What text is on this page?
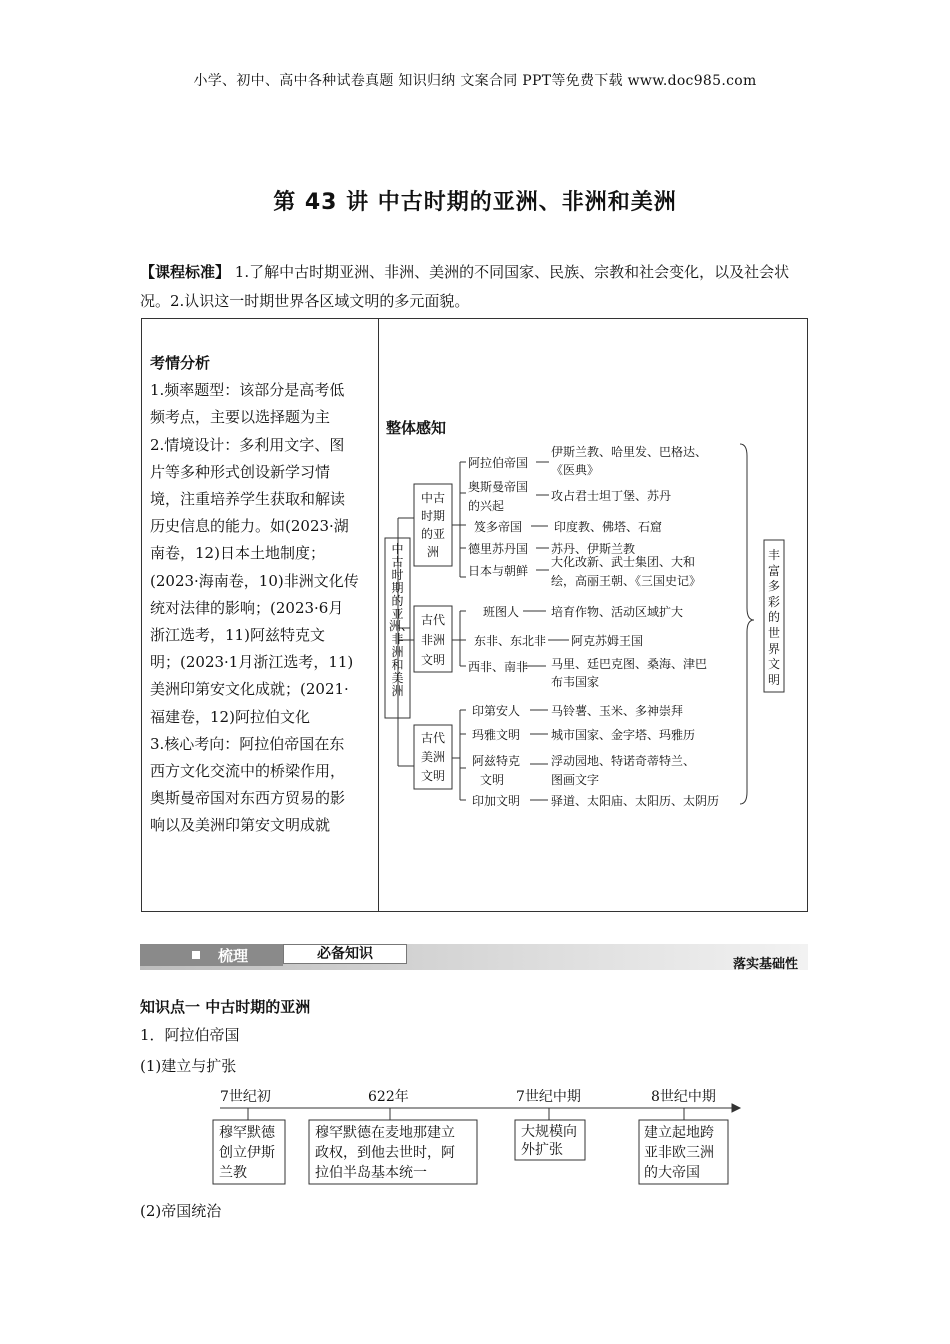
小学、初中、高中各种试卷真题 知识归纳 文案合同 PPT等免费下载 www.doc985.com
第 43 讲 中古时期的亚洲、非洲和美洲
【课程标准】 1.了解中古时期亚洲、非洲、美洲的不同国家、民族、宗教和社会变化，以及社会状况。2.认识这一时期世界各区域文明的多元面貌。

考情分析

1.频率题型：该部分是高考低

频考点，主要以选择题为主

2.情境设计：多利用文字、图

片等多种形式创设新学习情

境，注重培养学生获取和解读

历史信息的能力。如(2023·湖

南卷，12)日本土地制度；

(2023·海南卷，10)非洲文化传

统对法律的影响；(2023·6月

浙江选考，11)阿兹特克文

明；(2023·1月浙江选考，11)

美洲印第安文化成就；(2021·

福建卷，12)阿拉伯文化

3.核心考向：阿拉伯帝国在东

西方文化交流中的桥梁作用，

奥斯曼帝国对东西方贸易的影

响以及美洲印第安文明成就

整体感知
中古时期的亚洲、非洲和美洲
中古时期的亚洲
古代非洲文明
古代美洲文明
丰富多彩的世界文明
阿拉伯帝国
伊斯兰教、哈里发、巴格达、
《医典》
奥斯曼帝国
的兴起
攻占君士坦丁堡、苏丹
笈多帝国	印度教、佛塔、石窟
德里苏丹国 苏丹、伊斯兰教
日本与朝鲜
大化改新、武士集团、大和
绘，高丽王朝、《三国史记》
班图人	培育作物、活动区域扩大
东非、东北非 阿克苏姆王国
西非、南非 马里、廷巴克图、桑海、津巴
布韦国家
印第安人	马铃薯、玉米、多神崇拜
玛雅文明	城市国家、金字塔、玛雅历
阿兹特克
文明
浮动园地、特诺奇蒂特兰、
图画文字
印加文明	驿道、太阳庙、太阳历、太阴历
梳理	必备知识
落实基础性
知识点一 中古时期的亚洲
1．阿拉伯帝国
(1)建立与扩张
7世纪初	622年	7世纪中期	8世纪中期
穆罕默德
创立伊斯
兰教
穆罕默德在麦地那建立
政权，到他去世时，阿
拉伯半岛基本统一
大规模向
外扩张
建立起地跨
亚非欧三洲
的大帝国
(2)帝国统治
